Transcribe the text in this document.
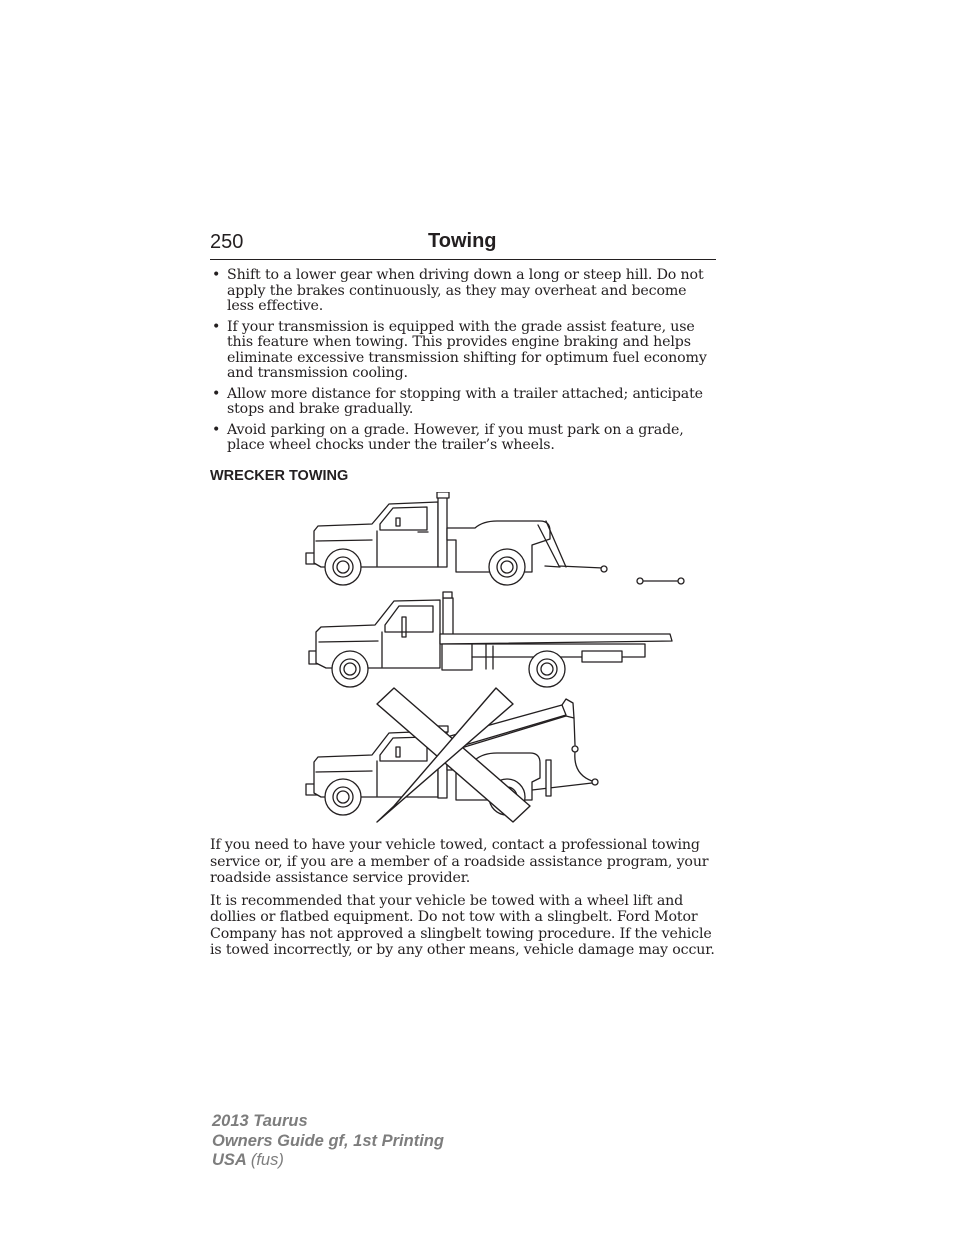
250	Towing
• Shift to a lower gear when driving down a long or steep hill. Do not apply the brakes continuously, as they may overheat and become less effective.
• If your transmission is equipped with the grade assist feature, use this feature when towing. This provides engine braking and helps eliminate excessive transmission shifting for optimum fuel economy and transmission cooling.
• Allow more distance for stopping with a trailer attached; anticipate stops and brake gradually.
• Avoid parking on a grade. However, if you must park on a grade, place wheel chocks under the trailer’s wheels.
WRECKER TOWING

If you need to have your vehicle towed, contact a professional towing service or, if you are a member of a roadside assistance program, your roadside assistance service provider.

It is recommended that your vehicle be towed with a wheel lift and dollies or flatbed equipment. Do not tow with a slingbelt. Ford Motor Company has not approved a slingbelt towing procedure. If the vehicle is towed incorrectly, or by any other means, vehicle damage may occur.

2013 Taurus
Owners Guide gf, 1st Printing
USA (fus)
